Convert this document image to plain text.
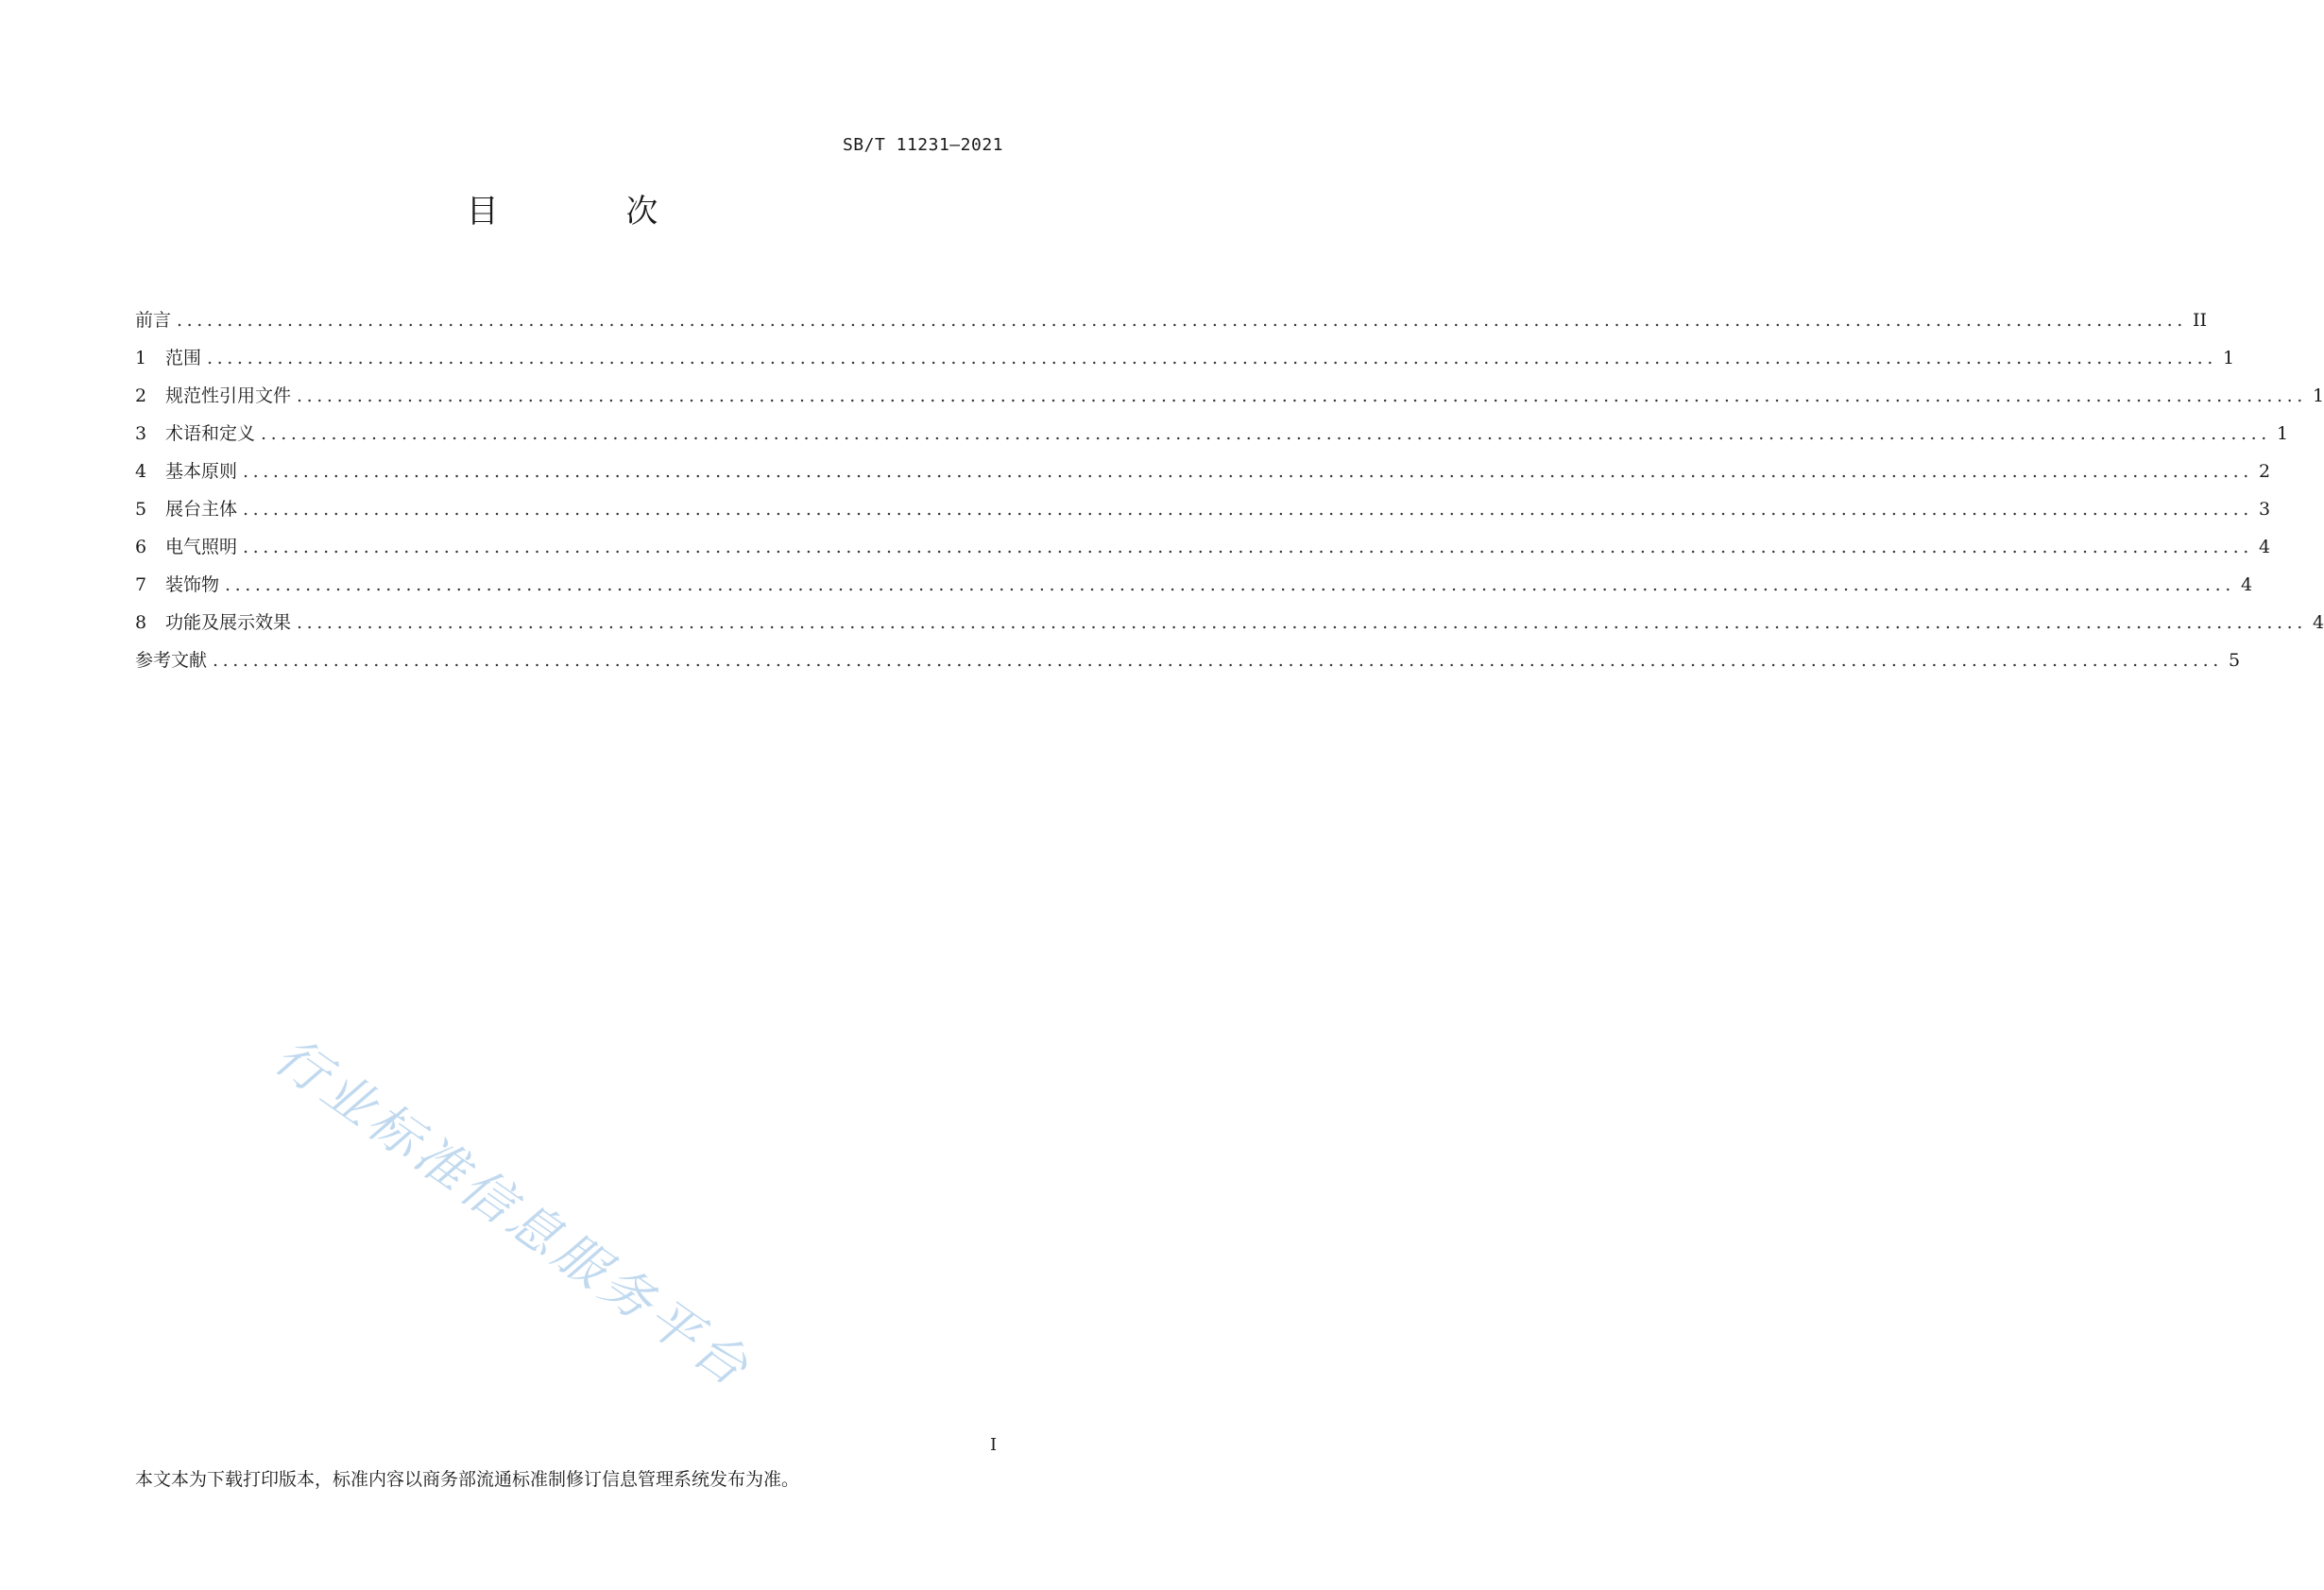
SB/T 11231—2021
目 次
前言 ........................................................................................................................................................................................................ II
1	范围 ........................................................................................................................................................................................................ 1
2	规范性引用文件 ........................................................................................................................................................................................................ 1
3	术语和定义 ........................................................................................................................................................................................................ 1
4	基本原则 ........................................................................................................................................................................................................ 2
5	展台主体 ........................................................................................................................................................................................................ 3
6	电气照明 ........................................................................................................................................................................................................ 4
7	装饰物 ........................................................................................................................................................................................................ 4
8	功能及展示效果 ........................................................................................................................................................................................................ 4
参考文献 ........................................................................................................................................................................................................ 5
行业标准信息服务平台
I
本文本为下载打印版本，标准内容以商务部流通标准制修订信息管理系统发布为准。
